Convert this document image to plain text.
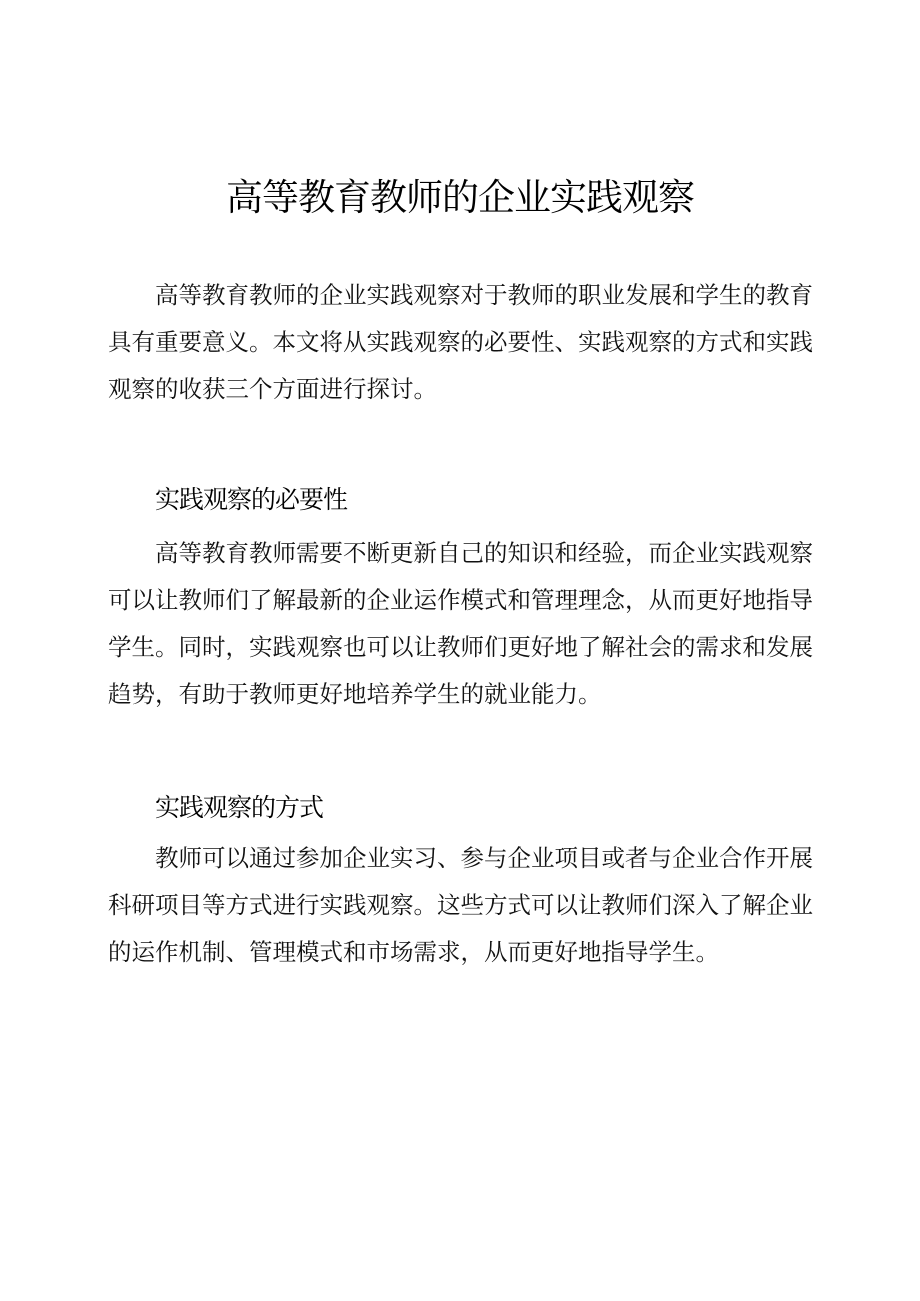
高等教育教师的企业实践观察

高等教育教师的企业实践观察对于教师的职业发展和学生的教育具有重要意义。本文将从实践观察的必要性、实践观察的方式和实践观察的收获三个方面进行探讨。

实践观察的必要性

高等教育教师需要不断更新自己的知识和经验，而企业实践观察可以让教师们了解最新的企业运作模式和管理理念，从而更好地指导学生。同时，实践观察也可以让教师们更好地了解社会的需求和发展趋势，有助于教师更好地培养学生的就业能力。

实践观察的方式

教师可以通过参加企业实习、参与企业项目或者与企业合作开展科研项目等方式进行实践观察。这些方式可以让教师们深入了解企业的运作机制、管理模式和市场需求，从而更好地指导学生。
